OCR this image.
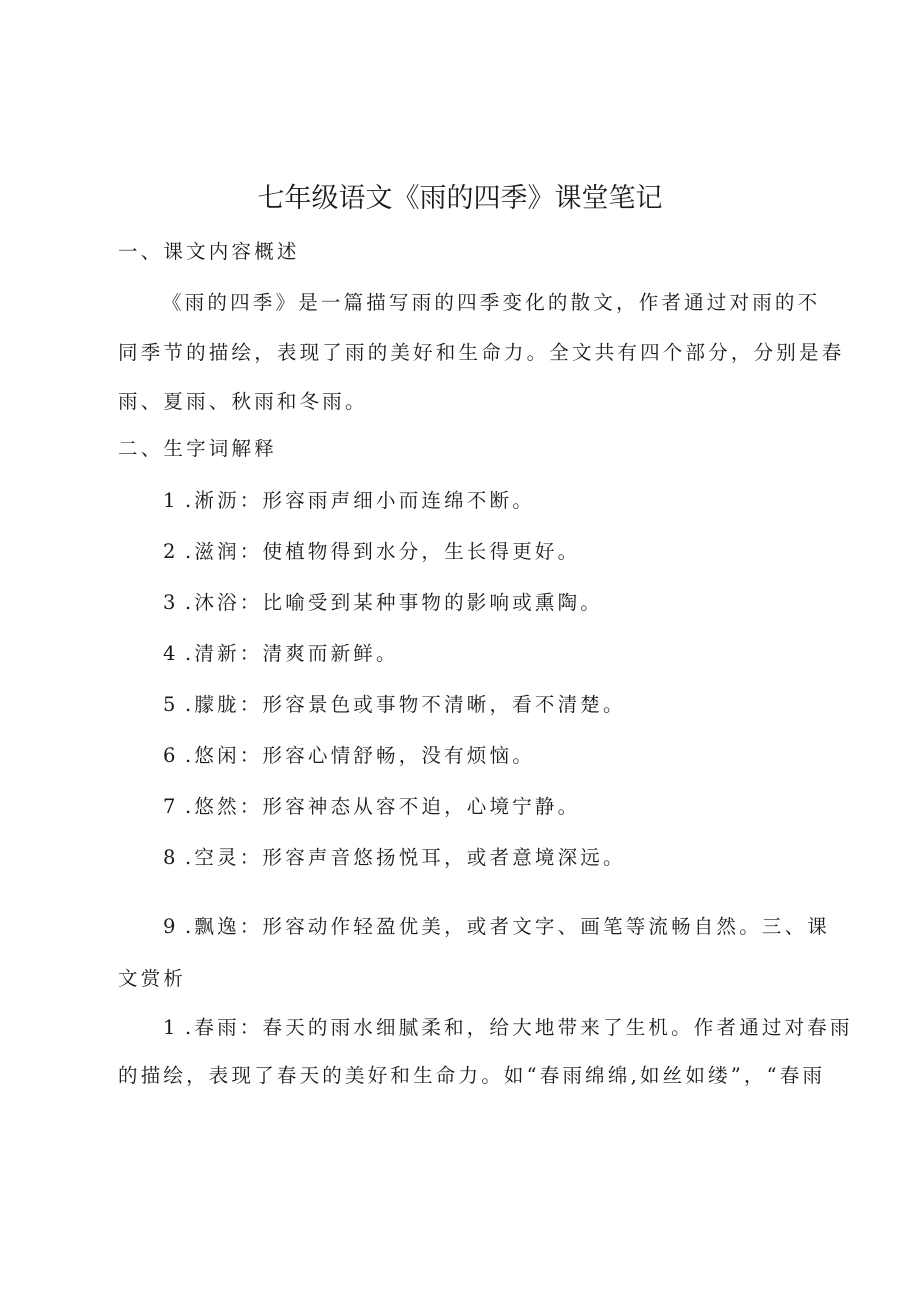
七年级语文《雨的四季》课堂笔记
一、课文内容概述
《雨的四季》是一篇描写雨的四季变化的散文，作者通过对雨的不
同季节的描绘，表现了雨的美好和生命力。全文共有四个部分，分别是春
雨、夏雨、秋雨和冬雨。
二、生字词解释
1 .淅沥：形容雨声细小而连绵不断。
2 .滋润：使植物得到水分，生长得更好。
3 .沐浴：比喻受到某种事物的影响或熏陶。
4 .清新：清爽而新鲜。
5 .朦胧：形容景色或事物不清晰，看不清楚。
6 .悠闲：形容心情舒畅，没有烦恼。
7 .悠然：形容神态从容不迫，心境宁静。
8 .空灵：形容声音悠扬悦耳，或者意境深远。
9 .飘逸：形容动作轻盈优美，或者文字、画笔等流畅自然。三、课
文赏析
1 .春雨：春天的雨水细腻柔和，给大地带来了生机。作者通过对春雨
的描绘，表现了春天的美好和生命力。如“春雨绵绵,如丝如缕”，“春雨
